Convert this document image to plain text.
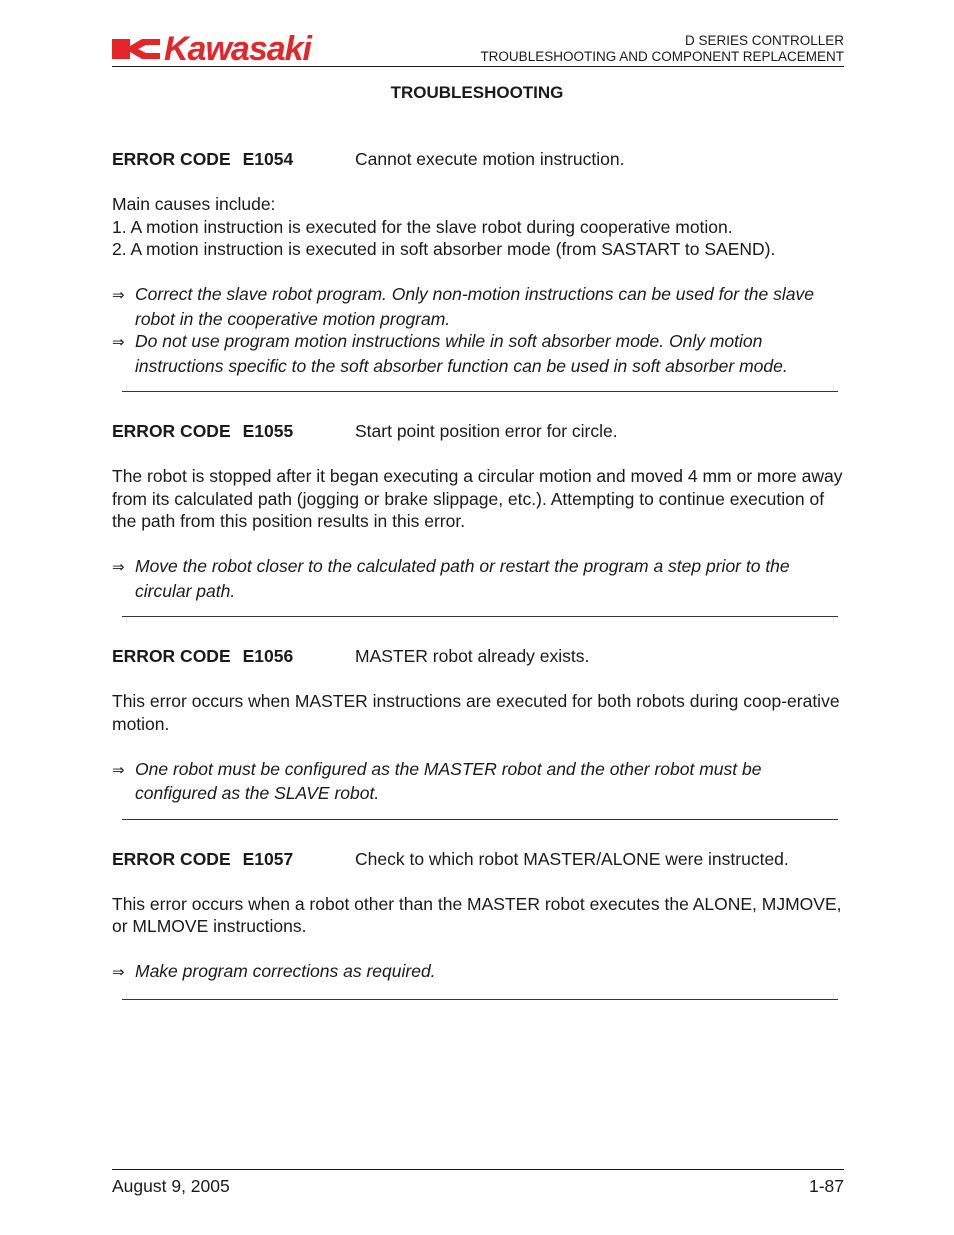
Kawasaki	D SERIES CONTROLLER
TROUBLESHOOTING AND COMPONENT REPLACEMENT
TROUBLESHOOTING
ERROR CODE E1054	Cannot execute motion instruction.
Main causes include:
1. A motion instruction is executed for the slave robot during cooperative motion.
2. A motion instruction is executed in soft absorber mode (from SASTART to SAEND).
⇒ Correct the slave robot program. Only non-motion instructions can be used for the slave robot in the cooperative motion program.
⇒ Do not use program motion instructions while in soft absorber mode. Only motion instructions specific to the soft absorber function can be used in soft absorber mode.
ERROR CODE E1055	Start point position error for circle.
The robot is stopped after it began executing a circular motion and moved 4 mm or more away from its calculated path (jogging or brake slippage, etc.). Attempting to continue execution of the path from this position results in this error.
⇒ Move the robot closer to the calculated path or restart the program a step prior to the circular path.
ERROR CODE E1056	MASTER robot already exists.
This error occurs when MASTER instructions are executed for both robots during coop-erative motion.
⇒ One robot must be configured as the MASTER robot and the other robot must be configured as the SLAVE robot.
ERROR CODE E1057	Check to which robot MASTER/ALONE were instructed.
This error occurs when a robot other than the MASTER robot executes the ALONE, MJMOVE, or MLMOVE instructions.
⇒ Make program corrections as required.
August 9, 2005	1-87
